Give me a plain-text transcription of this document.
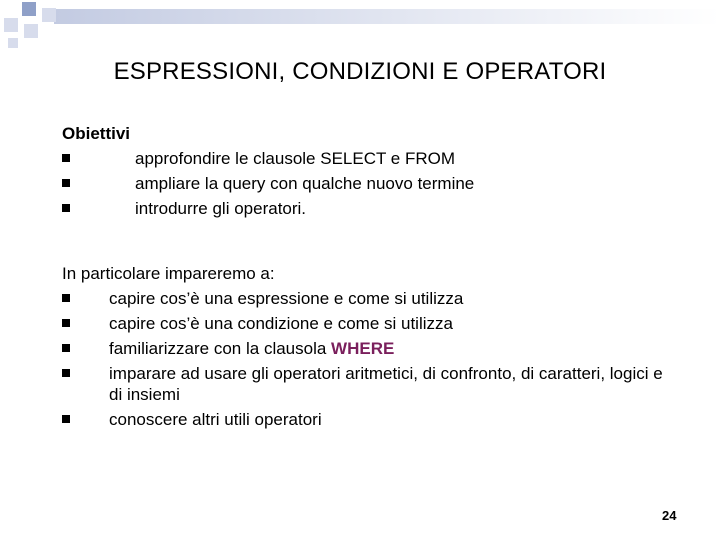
ESPRESSIONI, CONDIZIONI E OPERATORI
Obiettivi
approfondire le clausole SELECT e FROM
ampliare la query con qualche nuovo termine
introdurre gli operatori.
In particolare impareremo a:
capire cos’è una espressione e come si utilizza
capire cos’è una condizione e come si utilizza
familiarizzare con la clausola WHERE
imparare ad usare gli operatori aritmetici, di confronto, di caratteri, logici e di insiemi
conoscere altri utili operatori
24
